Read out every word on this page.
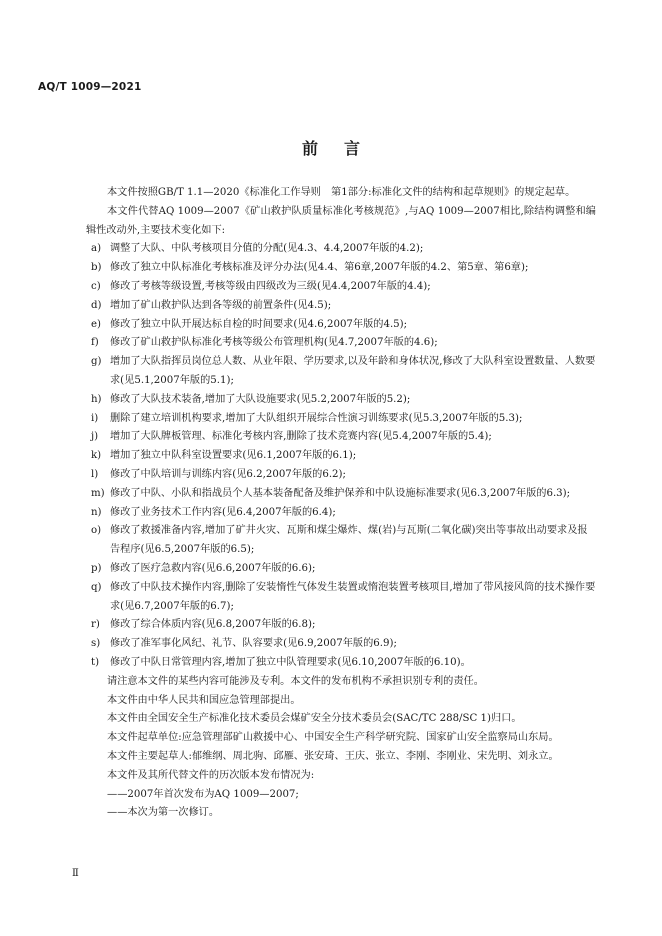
AQ/T 1009—2021
前言

本文件按照GB/T 1.1—2020《标准化工作导则　第1部分:标准化文件的结构和起草规则》的规定起草。

本文件代替AQ 1009—2007《矿山救护队质量标准化考核规范》,与AQ 1009—2007相比,除结构调整和编辑性改动外,主要技术变化如下:

a) 调整了大队、中队考核项目分值的分配(见4.3、4.4,2007年版的4.2);
b) 修改了独立中队标准化考核标准及评分办法(见4.4、第6章,2007年版的4.2、第5章、第6章);
c) 修改了考核等级设置,考核等级由四级改为三级(见4.4,2007年版的4.4);
d) 增加了矿山救护队达到各等级的前置条件(见4.5);
e) 修改了独立中队开展达标自检的时间要求(见4.6,2007年版的4.5);
f)	修改了矿山救护队标准化考核等级公布管理机构(见4.7,2007年版的4.6);
g) 增加了大队指挥员岗位总人数、从业年限、学历要求,以及年龄和身体状况,修改了大队科室设置数量、人数要求(见5.1,2007年版的5.1);
h) 修改了大队技术装备,增加了大队设施要求(见5.2,2007年版的5.2);
i)	删除了建立培训机构要求,增加了大队组织开展综合性演习训练要求(见5.3,2007年版的5.3);
j)	增加了大队牌板管理、标准化考核内容,删除了技术竞赛内容(见5.4,2007年版的5.4);
k) 增加了独立中队科室设置要求(见6.1,2007年版的6.1);
l)	修改了中队培训与训练内容(见6.2,2007年版的6.2);
m) 修改了中队、小队和指战员个人基本装备配备及维护保养和中队设施标准要求(见6.3,2007年版的6.3);
n) 修改了业务技术工作内容(见6.4,2007年版的6.4);
o) 修改了救援准备内容,增加了矿井火灾、瓦斯和煤尘爆炸、煤(岩)与瓦斯(二氧化碳)突出等事故出动要求及报告程序(见6.5,2007年版的6.5);
p) 修改了医疗急救内容(见6.6,2007年版的6.6);
q) 修改了中队技术操作内容,删除了安装惰性气体发生装置或惰泡装置考核项目,增加了带风接风筒的技术操作要求(见6.7,2007年版的6.7);
r) 修改了综合体质内容(见6.8,2007年版的6.8);
s) 修改了准军事化风纪、礼节、队容要求(见6.9,2007年版的6.9);
t)	修改了中队日常管理内容,增加了独立中队管理要求(见6.10,2007年版的6.10)。

请注意本文件的某些内容可能涉及专利。本文件的发布机构不承担识别专利的责任。

本文件由中华人民共和国应急管理部提出。

本文件由全国安全生产标准化技术委员会煤矿安全分技术委员会(SAC/TC 288/SC 1)归口。

本文件起草单位:应急管理部矿山救援中心、中国安全生产科学研究院、国家矿山安全监察局山东局。

本文件主要起草人:郁维纲、周北驹、邱雁、张安琦、王庆、张立、李刚、李刚业、宋先明、刘永立。

本文件及其所代替文件的历次版本发布情况为:

——2007年首次发布为AQ 1009—2007;

——本次为第一次修订。

Ⅱ
